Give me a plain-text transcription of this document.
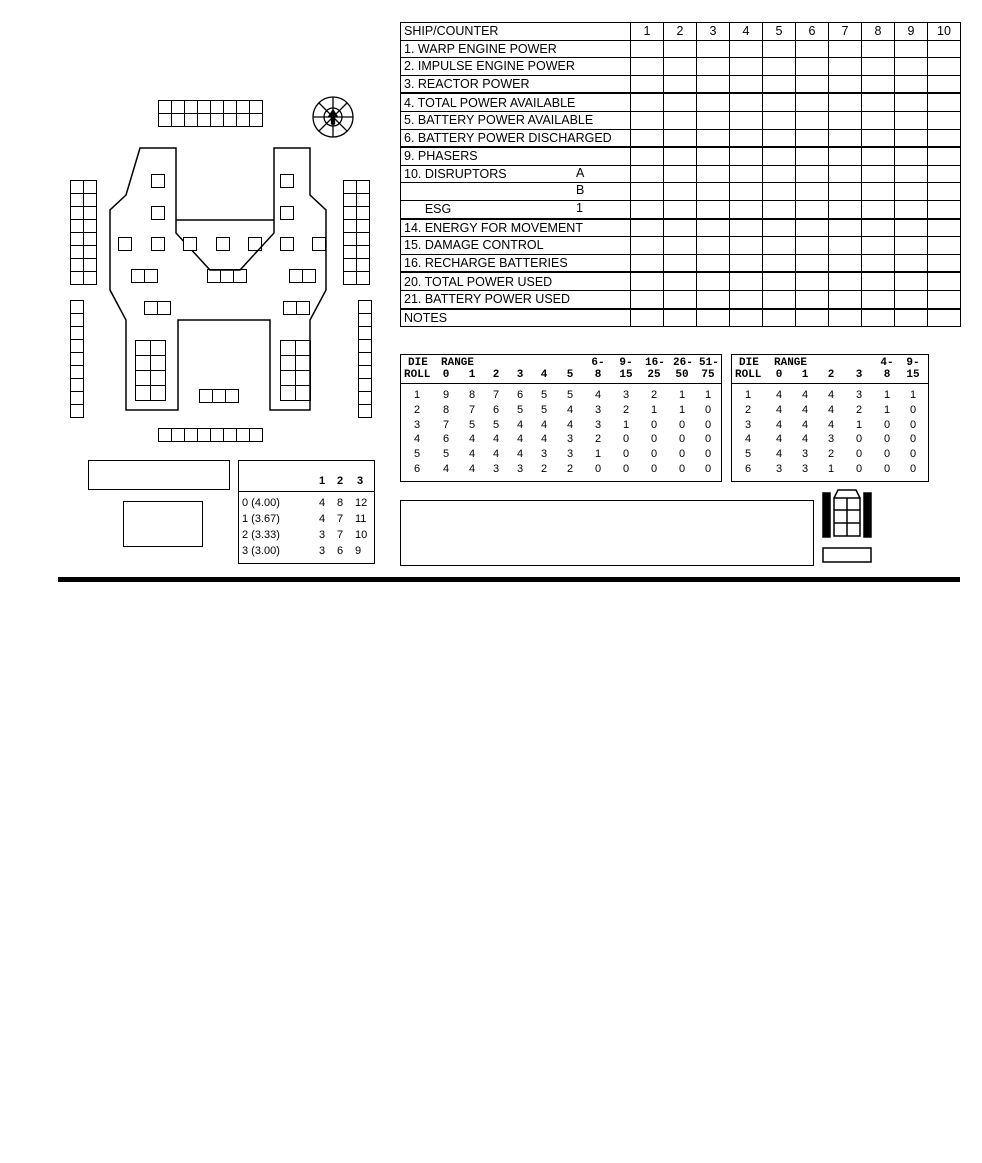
1 2 3
0 (4.00)	4 8 12
1 (3.67)	4 7 11
2 (3.33)	3 7 10
3 (3.00)	3 6 9
SHIP/COUNTER	1	2	3	4	5	6	7	8	9	10
1. WARP ENGINE POWER										
2. IMPULSE ENGINE POWER										
3. REACTOR POWER										
4. TOTAL POWER AVAILABLE										
5. BATTERY POWER AVAILABLE										
6. BATTERY POWER DISCHARGED										
9. PHASERS										
10. DISRUPTORS A										

B										

ESG 1										

14. ENERGY FOR MOVEMENT										
15. DAMAGE CONTROL										
16. RECHARGE BATTERIES										
20. TOTAL POWER USED										
21. BATTERY POWER USED										
NOTES										
DIE RANGE	6- 9- 16- 26- 51-
ROLL	0	1	2	3	4	5	8	15 25 50 75
1	9	8	7	6	5	5	4	3	2	1	1
2	8	7	6	5	5	4	3	2	1	1	0
3	7	5	5	4	4	4	3	1	0	0	0
4	6	4	4	4	4	3	2	0	0	0	0
5	5	4	4	4	3	3	1	0	0	0	0
6	4	4	3	3	2	2	0	0	0	0	0
DIE RANGE	4- 9-
ROLL	0	1	2	3	8	15
1	4	4	4	3	1	1
2	4	4	4	2	1	0
3	4	4	4	1	0	0
4	4	4	3	0	0	0
5	4	3	2	0	0	0
6	3	3	1	0	0	0
